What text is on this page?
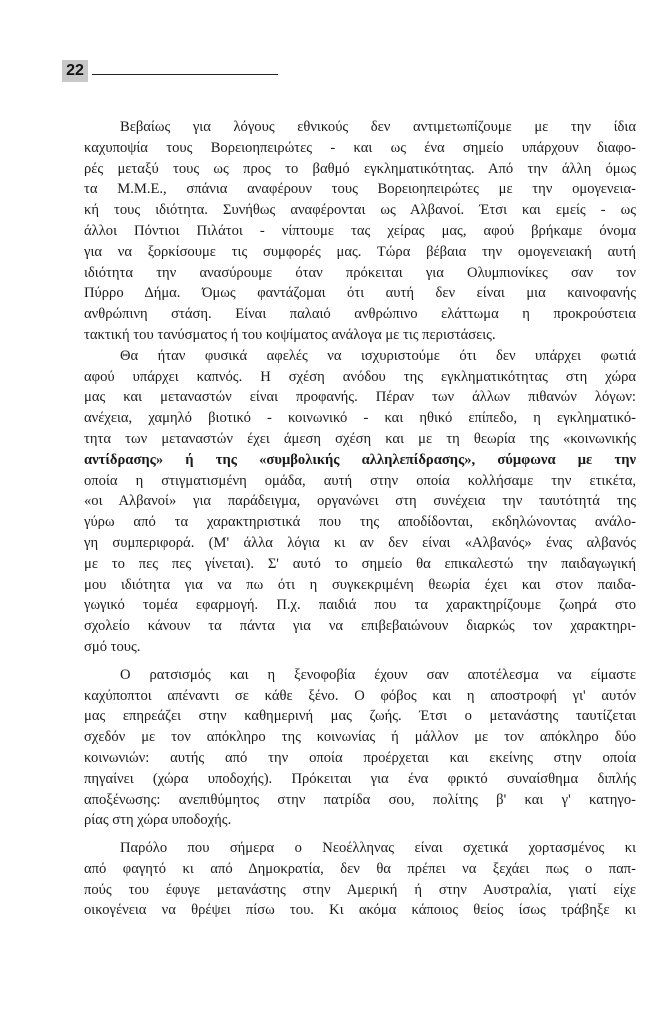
22
Βεβαίως για λόγους εθνικούς δεν αντιμετωπίζουμε με την ίδια
καχυποψία τους Βορειοηπειρώτες - και ως ένα σημείο υπάρχουν διαφο-
ρές μεταξύ τους ως προς το βαθμό εγκληματικότητας. Από την άλλη όμως
τα Μ.Μ.Ε., σπάνια αναφέρουν τους Βορειοηπειρώτες με την ομογενεια-
κή τους ιδιότητα. Συνήθως αναφέρονται ως Αλβανοί. Έτσι και εμείς - ως
άλλοι Πόντιοι Πιλάτοι - νίπτουμε τας χείρας μας, αφού βρήκαμε όνομα
για να ξορκίσουμε τις συμφορές μας. Τώρα βέβαια την ομογενειακή αυτή
ιδιότητα την ανασύρουμε όταν πρόκειται για Ολυμπιονίκες σαν τον
Πύρρο Δήμα. Όμως φαντάζομαι ότι αυτή δεν είναι μια καινοφανής
ανθρώπινη στάση. Είναι παλαιό ανθρώπινο ελάττωμα η προκρούστεια
τακτική του τανύσματος ή του κοψίματος ανάλογα με τις περιστάσεις.
Θα ήταν φυσικά αφελές να ισχυριστούμε ότι δεν υπάρχει φωτιά
αφού υπάρχει καπνός. Η σχέση ανόδου της εγκληματικότητας στη χώρα
μας και μεταναστών είναι προφανής. Πέραν των άλλων πιθανών λόγων:
ανέχεια, χαμηλό βιοτικό - κοινωνικό - και ηθικό επίπεδο, η εγκληματικό-
τητα των μεταναστών έχει άμεση σχέση και με τη θεωρία της «κοινωνικής
αντίδρασης» ή της «συμβολικής αλληλεπίδρασης», σύμφωνα με την
οποία η στιγματισμένη ομάδα, αυτή στην οποία κολλήσαμε την ετικέτα,
«οι Αλβανοί» για παράδειγμα, οργανώνει στη συνέχεια την ταυτότητά της
γύρω από τα χαρακτηριστικά που της αποδίδονται, εκδηλώνοντας ανάλο-
γη συμπεριφορά. (Μ' άλλα λόγια κι αν δεν είναι «Αλβανός» ένας αλβανός
με το πες πες γίνεται). Σ' αυτό το σημείο θα επικαλεστώ την παιδαγωγική
μου ιδιότητα για να πω ότι η συγκεκριμένη θεωρία έχει και στον παιδα-
γωγικό τομέα εφαρμογή. Π.χ. παιδιά που τα χαρακτηρίζουμε ζωηρά στο
σχολείο κάνουν τα πάντα για να επιβεβαιώνουν διαρκώς τον χαρακτηρι-
σμό τους.
Ο ρατσισμός και η ξενοφοβία έχουν σαν αποτέλεσμα να είμαστε
καχύποπτοι απέναντι σε κάθε ξένο. Ο φόβος και η αποστροφή γι' αυτόν
μας επηρεάζει στην καθημερινή μας ζωής. Έτσι ο μετανάστης ταυτίζεται
σχεδόν με τον απόκληρο της κοινωνίας ή μάλλον με τον απόκληρο δύο
κοινωνιών: αυτής από την οποία προέρχεται και εκείνης στην οποία
πηγαίνει (χώρα υποδοχής). Πρόκειται για ένα φρικτό συναίσθημα διπλής
αποξένωσης: ανεπιθύμητος στην πατρίδα σου, πολίτης β' και γ' κατηγο-
ρίας στη χώρα υποδοχής.
Παρόλο που σήμερα ο Νεοέλληνας είναι σχετικά χορτασμένος κι
από φαγητό κι από Δημοκρατία, δεν θα πρέπει να ξεχάει πως ο παπ-
πούς του έφυγε μετανάστης στην Αμερική ή στην Αυστραλία, γιατί είχε
οικογένεια να θρέψει πίσω του. Κι ακόμα κάποιος θείος ίσως τράβηξε κι
